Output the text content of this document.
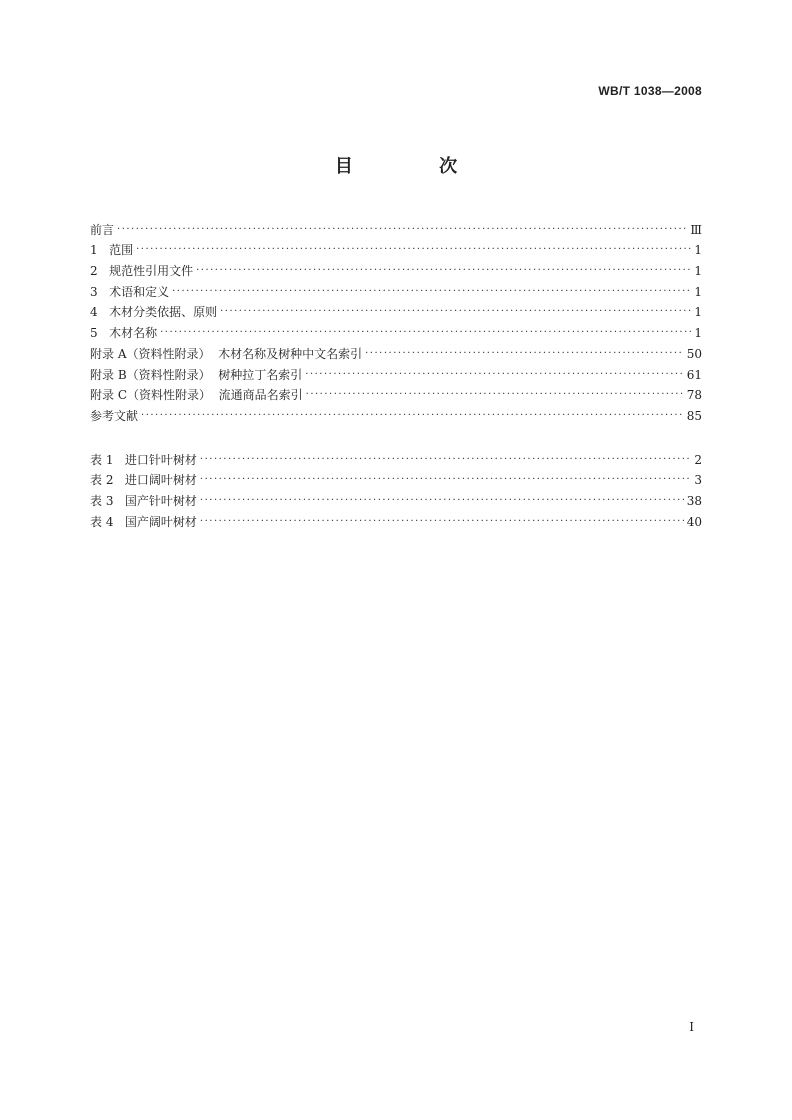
WB/T 1038—2008
目 次
前言 ·····	Ⅲ
1   范围 ·····	1
2   规范性引用文件 ·····	1
3   术语和定义 ·····	1
4   木材分类依据、原则 ·····	1
5   木材名称 ·····	1
附录 A（资料性附录）  木材名称及树种中文名索引 ·····	50
附录 B（资料性附录）  树种拉丁名索引 ·····	61
附录 C（资料性附录）  流通商品名索引 ·····	78
参考文献 ·····	85
表 1   进口针叶树材 ·····	2
表 2   进口阔叶树材 ·····	3
表 3   国产针叶树材 ·····	38
表 4   国产阔叶树材 ·····	40
I
